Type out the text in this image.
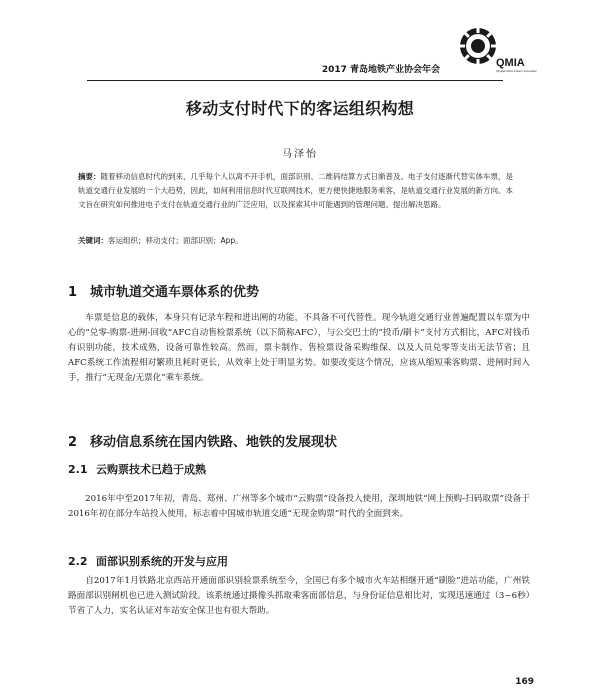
2017 青岛地铁产业协会年会
QMIA
Qingdao Metro Industry Association
移动支付时代下的客运组织构想
马泽怡
摘要：随着移动信息时代的到来，几乎每个人以离不开手机，面部识别、二维码结算方式日渐普及。电子支付逐渐代替实体车票，是轨道交通行业发展的一个大趋势，因此，如何利用信息时代互联网技术，更方便快捷地服务乘客，是轨道交通行业发展的新方向。本文旨在研究如何推进电子支付在轨道交通行业的广泛应用，以及探索其中可能遇到的管理问题、提出解决思路。
关键词：客运组织；移动支付；面部识别；App。
1 城市轨道交通车票体系的优势
车票是信息的载体，本身只有记录车程和进出闸的功能，不具备不可代替性。现今轨道交通行业普遍配置以车票为中心的“兑零-购票-进闸-回收”AFC自动售检票系统（以下简称AFC），与公交巴士的“投币/刷卡”支付方式相比，AFC对钱币有识别功能，技术成熟，设备可靠性较高。然而，票卡制作、售检票设备采购维保、以及人员兑零等支出无法节省；且AFC系统工作流程相对繁琐且耗时更长，从效率上处于明显劣势。如要改变这个情况，应该从缩短乘客购票、进闸时间入手，推行“无现金/无票化”乘车系统。
2 移动信息系统在国内铁路、地铁的发展现状
2.1 云购票技术已趋于成熟
2016年中至2017年初，青岛、郑州、广州等多个城市“云购票”设备投入使用，深圳地铁“网上预购-扫码取票”设备于2016年初在部分车站投入使用，标志着中国城市轨道交通“无现金购票”时代的全面到来。
2.2 面部识别系统的开发与应用
自2017年1月铁路北京西站开通面部识别验票系统至今，全国已有多个城市火车站相继开通“刷脸”进站功能，广州铁路面部识别闸机也已进入测试阶段。该系统通过摄像头抓取乘客面部信息，与身份证信息相比对，实现迅速通过（3~6秒）节省了人力，实名认证对车站安全保卫也有很大帮助。
169
